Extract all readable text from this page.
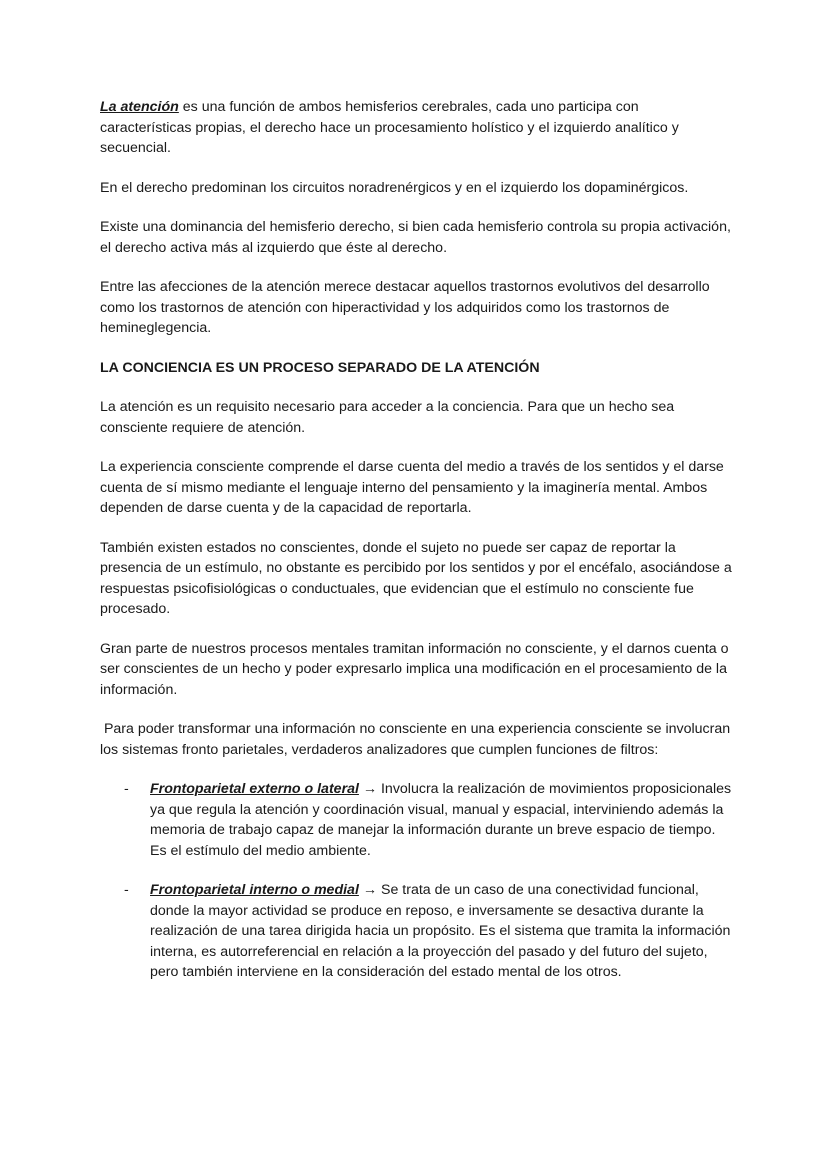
La atención es una función de ambos hemisferios cerebrales, cada uno participa con características propias, el derecho hace un procesamiento holístico y el izquierdo analítico y secuencial.

En el derecho predominan los circuitos noradrenérgicos y en el izquierdo los dopaminérgicos.

Existe una dominancia del hemisferio derecho, si bien cada hemisferio controla su propia activación, el derecho activa más al izquierdo que éste al derecho.

Entre las afecciones de la atención merece destacar aquellos trastornos evolutivos del desarrollo como los trastornos de atención con hiperactividad y los adquiridos como los trastornos de hemineglegencia.

LA CONCIENCIA ES UN PROCESO SEPARADO DE LA ATENCIÓN

La atención es un requisito necesario para acceder a la conciencia. Para que un hecho sea consciente requiere de atención.

La experiencia consciente comprende el darse cuenta del medio a través de los sentidos y el darse cuenta de sí mismo mediante el lenguaje interno del pensamiento y la imaginería mental. Ambos dependen de darse cuenta y de la capacidad de reportarla.

También existen estados no conscientes, donde el sujeto no puede ser capaz de reportar la presencia de un estímulo, no obstante es percibido por los sentidos y por el encéfalo, asociándose a respuestas psicofisiológicas o conductuales, que evidencian que el estímulo no consciente fue procesado.

Gran parte de nuestros procesos mentales tramitan información no consciente, y el darnos cuenta o ser conscientes de un hecho y poder expresarlo implica una modificación en el procesamiento de la información.

Para poder transformar una información no consciente en una experiencia consciente se involucran los sistemas fronto parietales, verdaderos analizadores que cumplen funciones de filtros:

- Frontoparietal externo o lateral → Involucra la realización de movimientos proposicionales ya que regula la atención y coordinación visual, manual y espacial, interviniendo además la memoria de trabajo capaz de manejar la información durante un breve espacio de tiempo. Es el estímulo del medio ambiente.
- Frontoparietal interno o medial → Se trata de un caso de una conectividad funcional, donde la mayor actividad se produce en reposo, e inversamente se desactiva durante la realización de una tarea dirigida hacia un propósito. Es el sistema que tramita la información interna, es autorreferencial en relación a la proyección del pasado y del futuro del sujeto, pero también interviene en la consideración del estado mental de los otros.
